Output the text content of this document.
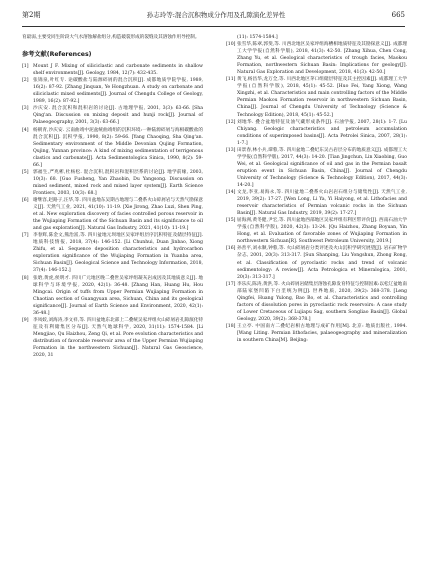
第2期	孙志玲等:混合沉积物成分作用及孔隙演化差异性	665

育最弱,主要受同生阶段大气水溶蚀解盐组分,构造破裂形成的裂缝及其溶蚀作用导控制。

参考文献(References)
[1] Mount J F. Mixing of siliciclastic and carbonate sediments in shallow shelf environments[J]. Geology, 1984, 12(7): 432-435.
[2] 张锦泉,叶红专. 论碳酸盐与陆源碎屑的混合沉积[J]. 成都地质学院学报, 1989, 16(2): 87-92. [Zhang Jinquan, Ye Hongzhuan. A study on carbonate and siliciclastic mixed sediments[J]. Journal of Chengdu College of Geology, 1989, 16(2): 87-92.]
[3] 沙庆安. 混合沉积和混积岩的讨论[J]. 古地理学报, 2001, 3(3): 63-66. [Sha Qing'an. Discussion on mixing deposit and hunji rock[J]. Journal of Palaeogeography, 2001, 3(3): 63-66.]
[4] 杨朝青,沙庆安. 云南曲靖中泥盆统曲靖组的沉积环境:一种陆源碎屑与海相碳酸盐的混合沉积[J]. 沉积学报, 1990, 8(2): 59-66. [Yang Chaoqing, Sha Qing'an. Sedimentary environment of the Middle Devonian Qujing Formation, Qujing, Yunnan province: A kind of mixing sedimentation of terrigenous clastics and carbonate[J]. Acta Sedimentologica Sinica, 1990, 8(2): 59-66.]
[5] 郭福生,严兆彬,杜杨松. 混合沉积,混积岩和混积层系的讨论[J]. 地学前缘, 2003, 10(3): 68. [Guo Fusheng, Yan Zhaobin, Du Yangsong. Discussion on mixed sediment, mixed rock and mixed layer system[J]. Earth Science Frontiers, 2003, 10(3): 68.]
[6] 谢继容,赵路子,汪华,等. 四川盆地东吴期古地理与二叠系火山碎屑岩与天然气勘探意义[J]. 天然气工业, 2021, 41(10): 11-19. [Xie Jirong, Zhao Luzi, Shen Ping, et al. New exploration discovery of facies controlled porous reservoir in the Wujiaping Formation of the Sichuan Basin and its significance to oil and gas exploration[J]. Natural Gas Industry, 2021, 41(10): 11-19.]
[7] 李春辉,陈金文,熊治富,等. 四川盆地元坝地区吴家坪组层序沉积特征及储层特征[J]. 地质科技情报, 2018, 37(4): 146-152. [Li Chunhui, Duan Jinbao, Xiong Zhifu, et al. Sequence deposition characteristics and hydrocarbon exploration significance of the Wujiaping Formation in Yuanba area, Sichuan Basin[J]. Geological Science and Technology Information, 2018, 37(4): 146-152.]
[8] 张晗,黄虎,侯明才. 四川广元地区晚二叠世吴家坪组凝灰岩成因及其地质意义[J]. 地球科学与环境学报, 2020, 42(1): 36-48. [Zhang Han, Huang Hu, Hou Mingcai. Origin of tuffs from Upper Permian Wujiaping Formation in Chaotian section of Guangyuan area, Sichuan, China and its geological significance[J]. Journal of Earth Science and Environment, 2020, 42(1): 36-48.]
[9] 李凤姣,刘海涛,李文祥,等. 四川盆地东北部上二叠统吴家坪组火山碎屑岩孔隙演化特征及有利储集区分布[J]. 天然气地球科学, 2020, 31(11): 1574-1584. [Li Mengjiao, Qu Haizhou, Zeng Qi, et al. Pore evolution characteristics and distribution of favorable reservoir area of the Upper Permian Wujiaping Formation in the northwestern Sichuan[J]. Natural Gas Geoscience, 2020, 31
(11): 1574-1584.]
[10] 张雪华,陈翠,郭斐,等. 川西北地区吴家坪组海槽相地质特征及其勘探意义[J]. 成都理工大学学报(自然科学版), 2018, 41(3): 42-50. [Zhang Xihua, Chen Cong, Zhang Yu, et al. Geological characteristics of trough facies, Maokou Formation, northwestern Sichuan Basin: Implications for geology[J]. Natural Gas Exploration and Development, 2018, 41(3): 42-50.]
[11] 黄飞,杨昌华,龙万全,等. 川西北地区茅口组储层特征及其主控因素[J]. 成都理工大学学报(自然科学版), 2018, 45(1): 45-52. [Huo Fei, Yang Xiong, Wang Xingzhi, et al. Characteristics and main controlling factors of the Middle Permian Maokou Formation reservoir in northwestern Sichuan Basin, China[J]. Journal of Chengdu University of Technology (Science & Technology Edition), 2018, 45(1): 45-52.]
[12] 刘地华. 叠合盆地特征及油气藏形成条件[J]. 石油学报, 2007, 28(1): 1-7. [Lu Chiyang. Geologic characteristics and petroleum accumulation conditions of superimposed basins[J]. Acta Petrolei Sinica, 2007, 28(1): 1-7.]
[13] 田景春,林小兵,谭蓉,等. 四川盆地二叠纪东吴古岩层分布的地质意义[J]. 成都理工大学学报(自然科学版), 2017, 44(3): 14-20. [Tian Jingchun, Lin Xiaobing, Guo Wei, et al. Geological significance of oil and gas in the Permian basalt eruption event in Sichuan Basin, China[J]. Journal of Chengdu University of Technology (Science & Technology Edition), 2017, 44(3): 14-20.]
[14] 文龙,李亚,易海永,等. 四川盆地二叠系火山岩岩石组分与储集性[J]. 天然气工业, 2019, 39(2): 17-27. [Wen Long, Li Ya, Yi Haiyong, et al. Lithofacies and reservoir characteristics of Permian volcanic rocks in the Sichuan Basin[J]. Natural Gas Industry, 2019, 39(2): 17-27.]
[15] 屈海洲,黄冬健,尹宏,等. 四川盆地西部地区吴家坪组有利区带评价[J]. 西南石油大学学报(自然科学版), 2020, 42(3): 13-24. [Qu Haizhou, Zhang Boyuan, Yin Hong, et al. Evaluation of favorable zones of Wujiaping Formation in northwestern Sichuan[R]. Southwest Petroleum University, 2019.]
[16] 孙善平,刘永顺,钟蓉,等. 火山碎屑岩分类评述及火山沉积学研究展望[J]. 岩石矿物学杂志, 2001, 20(3): 313-317. [Sun Shanping, Liu Yongshun, Zhong Rong, et al. Classification of pyroclastic rocks and trend of volcanic sedimentology: A review[J]. Acta Petrologica et Mineralogica, 2001, 20(3): 313-317.]
[17] 李乐庆,陈涛,黄洪,等. 火山碎屑岩储集层溶蚀孔隙发育特征与控制因素:以松辽盆地南部陆家堡凹陷下白垩统为例[J]. 世界地质, 2020, 39(2): 368-378. [Leng Qingfei, Huang Yulong, Bao Bo, et al. Characteristics and controlling factors of dissolution pores in pyroclastic rock reservoirs: A case study of Lower Cretaceous of Lujiapu Sag, southern Songliao Basin[J]. Global Geology, 2020, 39(2): 368-378.]
[18] 王立亭. 中国南方二叠纪岩相古地理与成矿作用[M]. 北京: 地质出版社, 1994. [Wang Liting. Permian lithofacies, palaeogeography and mineralization in southern China[M]. Beijing:
